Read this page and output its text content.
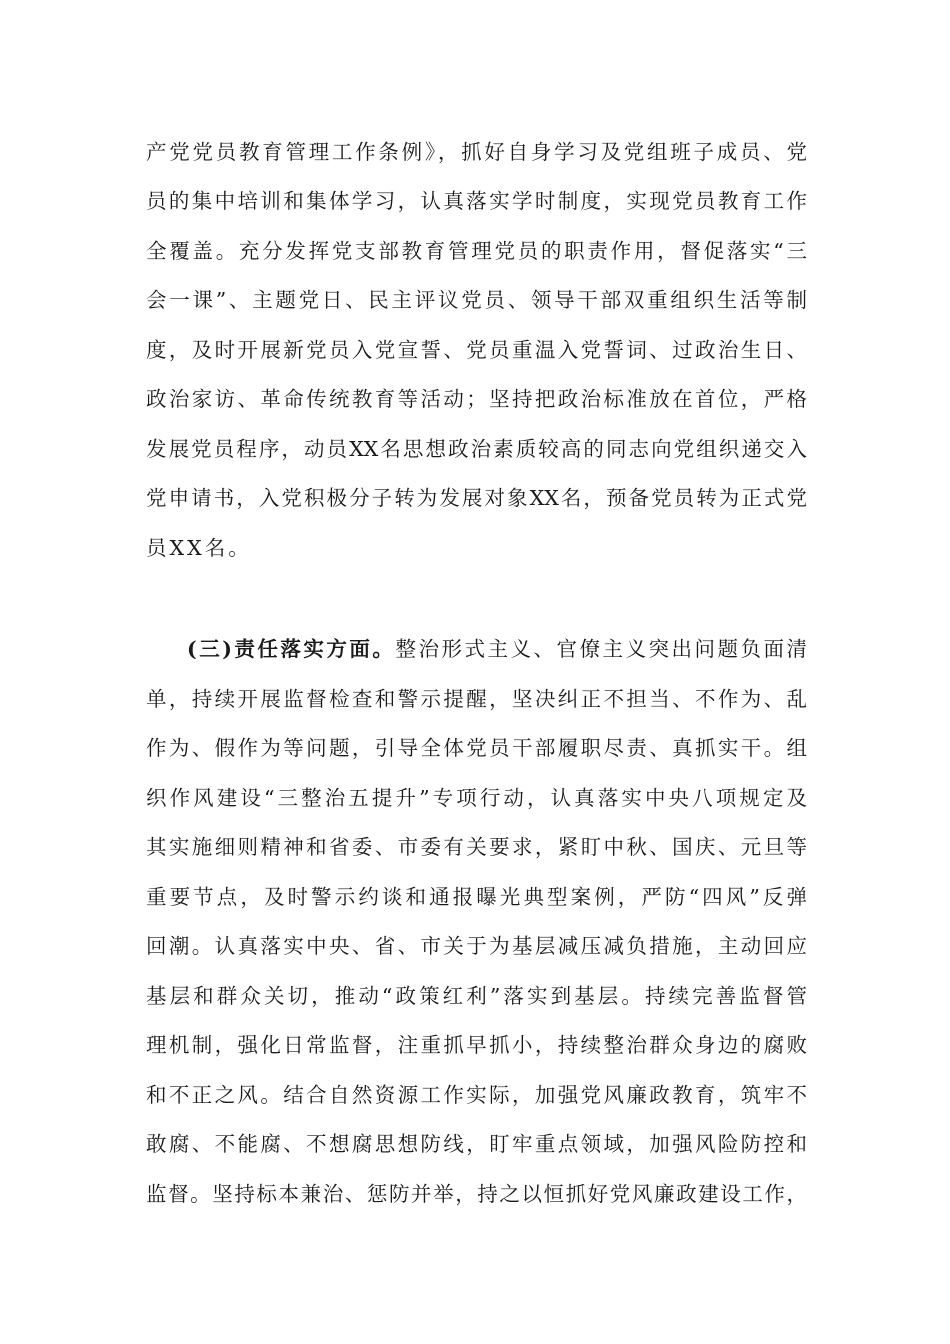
产党党员教育管理工作条例》，抓好自身学习及党组班子成员、党
员的集中培训和集体学习，认真落实学时制度，实现党员教育工作
全覆盖。充分发挥党支部教育管理党员的职责作用，督促落实“三
会一课”、主题党日、民主评议党员、领导干部双重组织生活等制
度，及时开展新党员入党宣誓、党员重温入党誓词、过政治生日、
政治家访、革命传统教育等活动；坚持把政治标准放在首位，严格
发展党员程序，动员XX名思想政治素质较高的同志向党组织递交入
党申请书，入党积极分子转为发展对象XX名，预备党员转为正式党
员XX名。
(三)责任落实方面。整治形式主义、官僚主义突出问题负面清
单，持续开展监督检查和警示提醒，坚决纠正不担当、不作为、乱
作为、假作为等问题，引导全体党员干部履职尽责、真抓实干。组
织作风建设“三整治五提升”专项行动，认真落实中央八项规定及
其实施细则精神和省委、市委有关要求，紧盯中秋、国庆、元旦等
重要节点，及时警示约谈和通报曝光典型案例，严防“四风”反弹
回潮。认真落实中央、省、市关于为基层减压减负措施，主动回应
基层和群众关切，推动“政策红利”落实到基层。持续完善监督管
理机制，强化日常监督，注重抓早抓小，持续整治群众身边的腐败
和不正之风。结合自然资源工作实际，加强党风廉政教育，筑牢不
敢腐、不能腐、不想腐思想防线，盯牢重点领域，加强风险防控和
监督。坚持标本兼治、惩防并举，持之以恒抓好党风廉政建设工作，
